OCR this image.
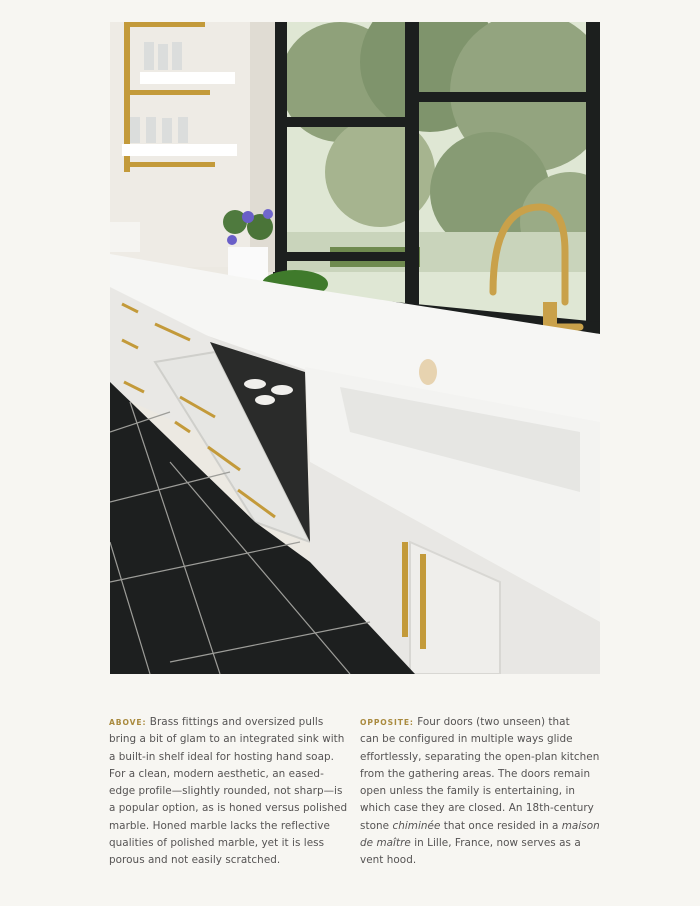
ABOVE: Brass fittings and oversized pulls
bring a bit of glam to an integrated sink with
a built-in shelf ideal for hosting hand soap.
For a clean, modern aesthetic, an eased-
edge profile—slightly rounded, not sharp—is
a popular option, as is honed versus polished
marble. Honed marble lacks the reflective
qualities of polished marble, yet it is less
porous and not easily scratched.
OPPOSITE: Four doors (two unseen) that
can be configured in multiple ways glide
effortlessly, separating the open-plan kitchen
from the gathering areas. The doors remain
open unless the family is entertaining, in
which case they are closed. An 18th-century
stone chiminée that once resided in a maison
de maître in Lille, France, now serves as a
vent hood.
